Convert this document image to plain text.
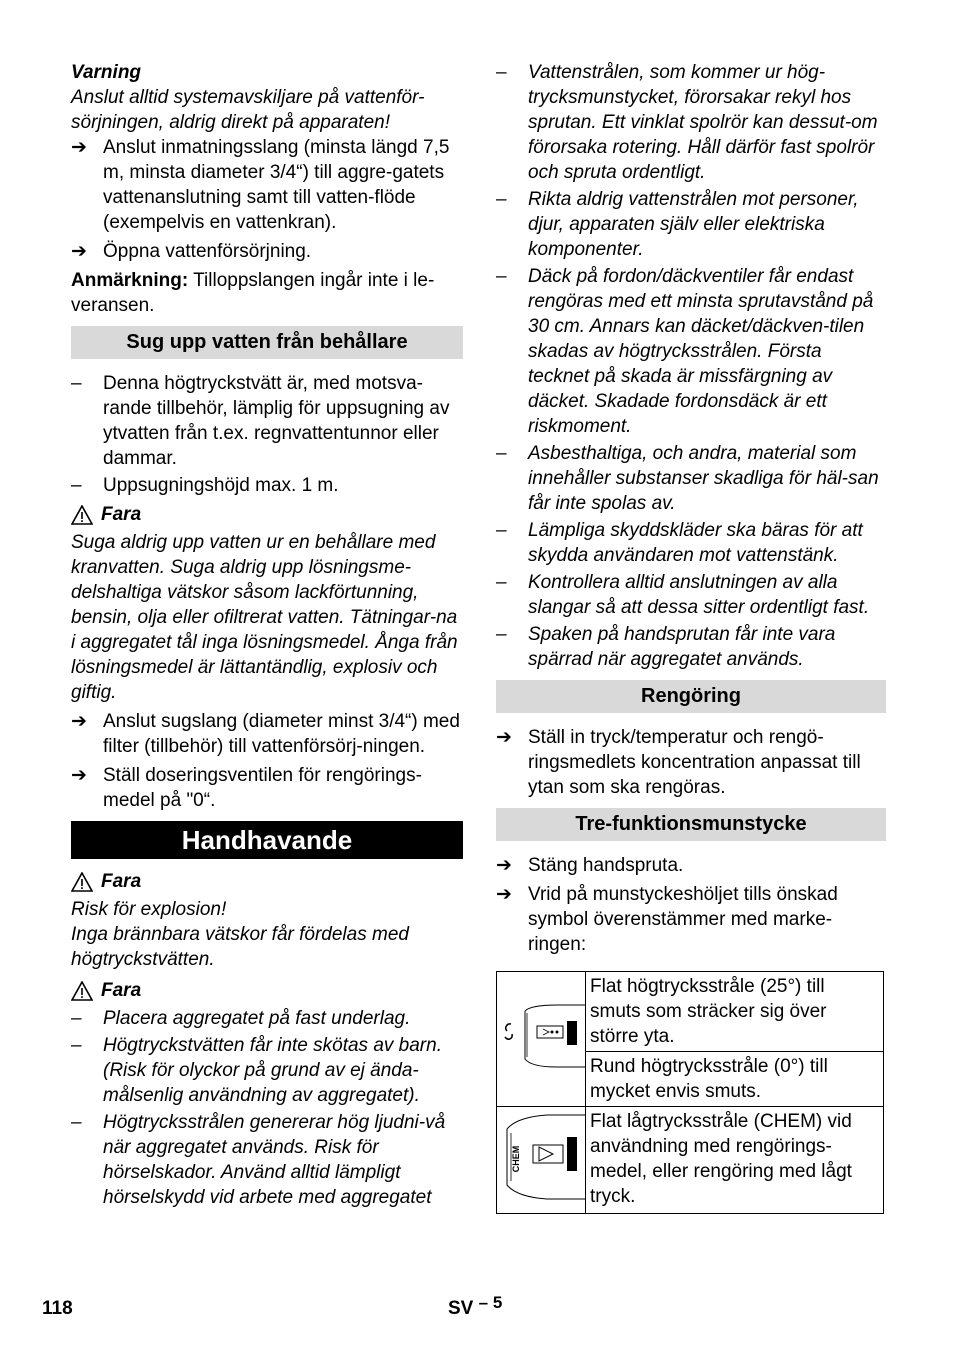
Varning

Anslut alltid systemavskiljare på vattenför-sörjningen, aldrig direkt på apparaten!

➔ Anslut inmatningsslang (minsta längd 7,5 m, minsta diameter 3/4“) till aggre-gatets vattenanslutning samt till vatten-flöde (exempelvis en vattenkran).

➔ Öppna vattenförsörjning.

Anmärkning: Tilloppslangen ingår inte i le-veransen.

Sug upp vatten från behållare

–	Denna högtryckstvätt är, med motsva-rande tillbehör, lämplig för uppsugning av ytvatten från t.ex. regnvattentunnor eller dammar.

–	Uppsugningshöjd max. 1 m.

Fara

Suga aldrig upp vatten ur en behållare med kranvatten. Suga aldrig upp lösningsme-delshaltiga vätskor såsom lackförtunning, bensin, olja eller ofiltrerat vatten. Tätningar-na i aggregatet tål inga lösningsmedel. Ånga från lösningsmedel är lättantändlig, explosiv och giftig.

➔ Anslut sugslang (diameter minst 3/4“) med filter (tillbehör) till vattenförsörj-ningen.

➔ Ställ doseringsventilen för rengörings-medel på "0“.

Handhavande
Fara

Risk för explosion!

Inga brännbara vätskor får fördelas med högtryckstvätten.

Fara

–	Placera aggregatet på fast underlag.

–	Högtryckstvätten får inte skötas av barn. (Risk för olyckor på grund av ej ända-målsenlig användning av aggregatet).

–	Högtrycksstrålen genererar hög ljudni-vå när aggregatet används. Risk för hörselskador. Använd alltid lämpligt hörselskydd vid arbete med aggregatet

–	Vattenstrålen, som kommer ur hög-trycksmunstycket, förorsakar rekyl hos sprutan. Ett vinklat spolrör kan dessut-om förorsaka rotering. Håll därför fast spolrör och spruta ordentligt.

–	Rikta aldrig vattenstrålen mot personer, djur, apparaten själv eller elektriska komponenter.

–	Däck på fordon/däckventiler får endast rengöras med ett minsta sprutavstånd på 30 cm. Annars kan däcket/däckven-tilen skadas av högtrycksstrålen. Första tecknet på skada är missfärgning av däcket. Skadade fordonsdäck är ett riskmoment.

–	Asbesthaltiga, och andra, material som innehåller substanser skadliga för häl-san får inte spolas av.

–	Lämpliga skyddskläder ska bäras för att skydda användaren mot vattenstänk.

–	Kontrollera alltid anslutningen av alla slangar så att dessa sitter ordentligt fast.

–	Spaken på handsprutan får inte vara spärrad när aggregatet används.

Rengöring

➔ Ställ in tryck/temperatur och rengö-ringsmedlets koncentration anpassat till ytan som ska rengöras.

Tre-funktionsmunstycke

➔ Stäng handspruta.

➔ Vrid på munstyckeshöljet tills önskad symbol överenstämmer med marke-ringen:

	Flat högtrycksstråle (25°) till smuts som sträcker sig över större yta.
	Rund högtrycksstråle (0°) till mycket envis smuts.

CHEM	Flat lågtrycksstråle (CHEM) vid användning med rengörings-medel, eller rengöring med lågt tryck.
118	SV – 5
